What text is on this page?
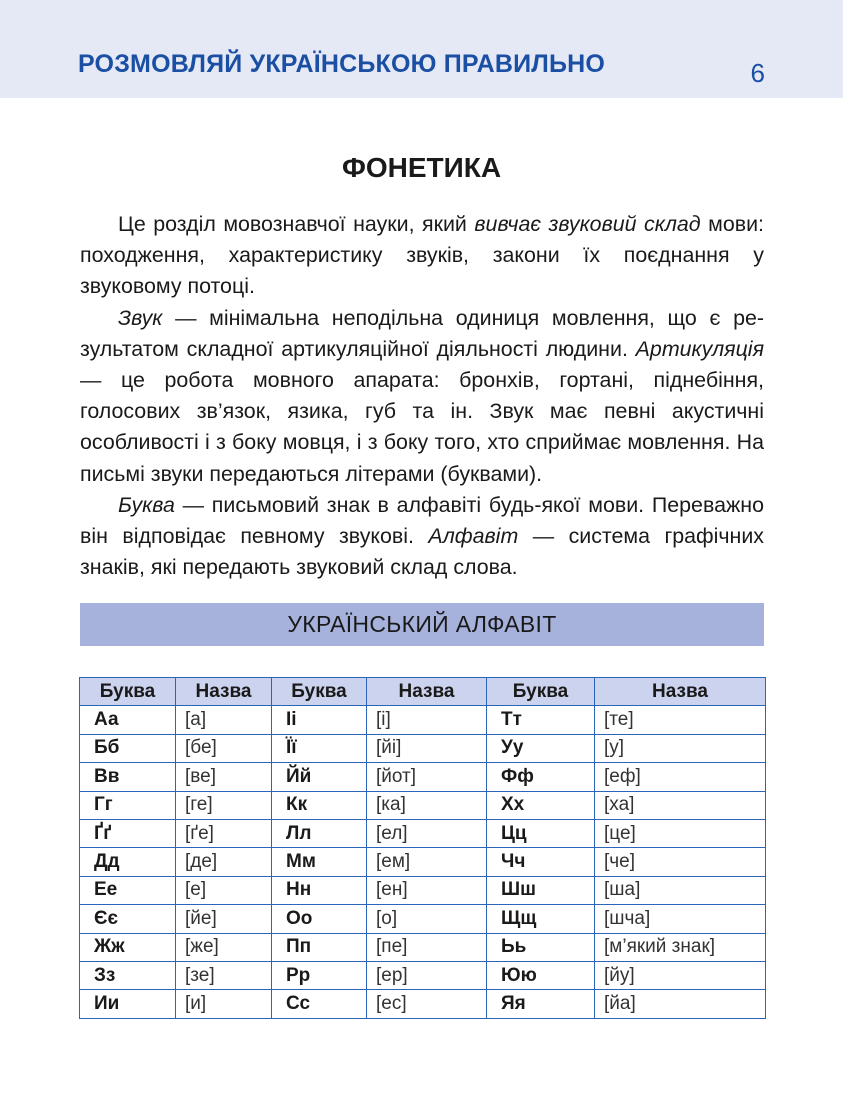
РОЗМОВЛЯЙ УКРАЇНСЬКОЮ ПРАВИЛЬНО	6
ФОНЕТИКА

Це розділ мовознавчої науки, який вивчає звуковий склад мови: походження, характеристику звуків, закони їх поєднання у звуковому потоці.

Звук — мінімальна неподільна одиниця мовлення, що є результатом складної артикуляційної діяльності людини. Артикуляція — це робота мовного апарата: бронхів, гортані, піднебіння, голосових зв’язок, язика, губ та ін. Звук має певні акустичні особливості і з боку мовця, і з боку того, хто сприймає мовлення. На письмі звуки передаються літерами (буквами).

Буква — письмовий знак в алфавіті будь-якої мови. Переважно він відповідає певному звукові. Алфавіт — система графічних знаків, які передають звуковий склад слова.

УКРАЇНСЬКИЙ АЛФАВІТ
Буква	Назва	Буква	Назва	Буква	Назва
Аа	[а]	Іі	[і]	Тт	[те]
Бб	[бе]	Її	[йі]	Уу	[у]
Вв	[ве]	Йй	[йот]	Фф	[еф]
Гг	[ге]	Кк	[ка]	Хх	[ха]
Ґґ	[ґе]	Лл	[ел]	Цц	[це]
Дд	[де]	Мм	[ем]	Чч	[че]
Ее	[е]	Нн	[ен]	Шш	[ша]
Єє	[йе]	Оо	[о]	Щщ	[шча]
Жж	[же]	Пп	[пе]	Ьь	[м’який знак]
Зз	[зе]	Рр	[ер]	Юю	[йу]
Ии	[и]	Сс	[ес]	Яя	[йа]
